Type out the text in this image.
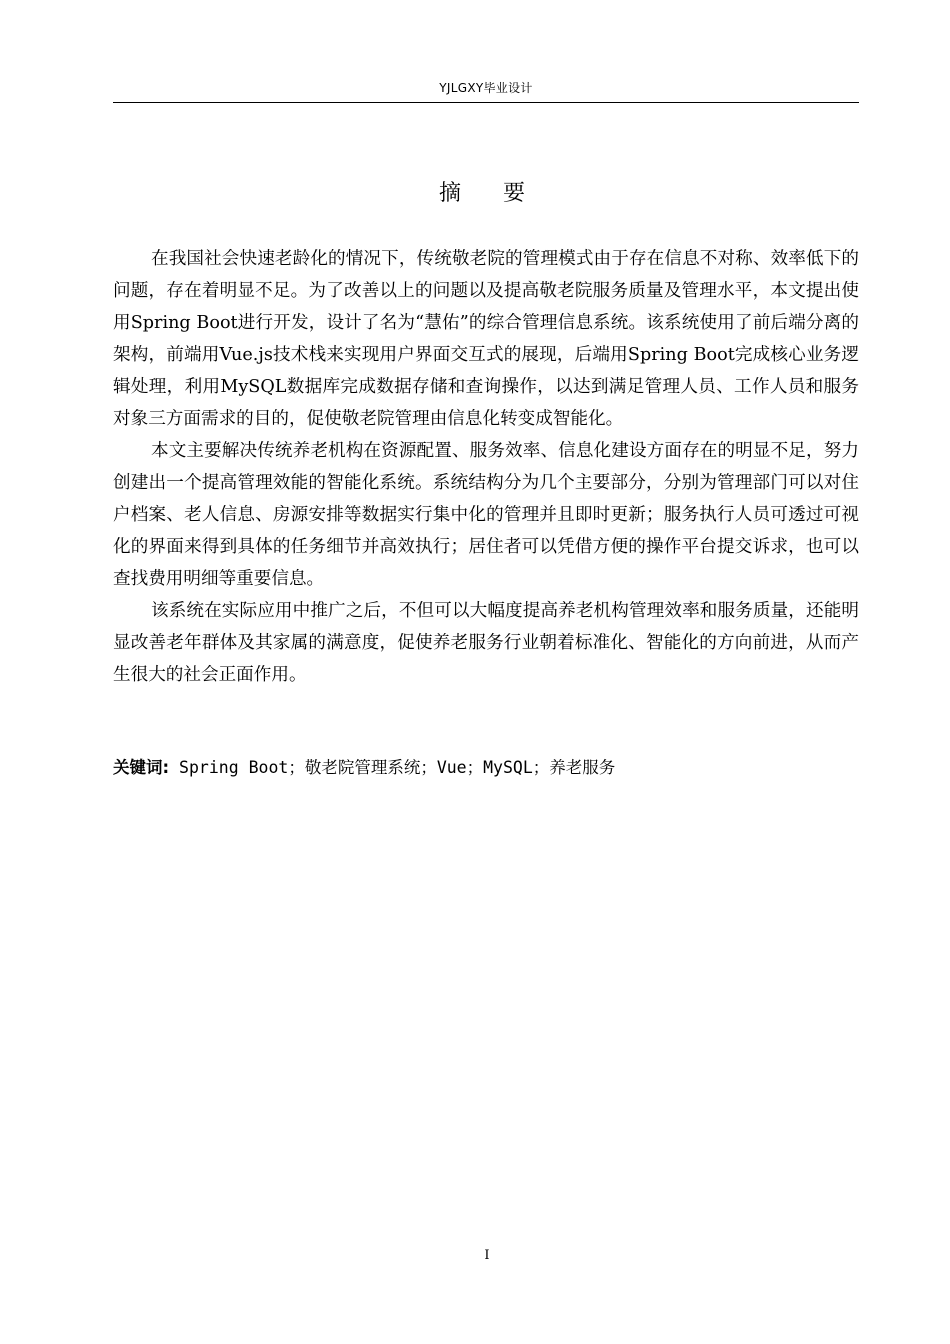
YJLGXY毕业设计
摘 要

在我国社会快速老龄化的情况下，传统敬老院的管理模式由于存在信息不对称、效率低下的问题，存在着明显不足。为了改善以上的问题以及提高敬老院服务质量及管理水平，本文提出使用Spring Boot进行开发，设计了名为“慧佑”的综合管理信息系统。该系统使用了前后端分离的架构，前端用Vue.js技术栈来实现用户界面交互式的展现，后端用Spring Boot完成核心业务逻辑处理，利用MySQL数据库完成数据存储和查询操作，以达到满足管理人员、工作人员和服务对象三方面需求的目的，促使敬老院管理由信息化转变成智能化。

本文主要解决传统养老机构在资源配置、服务效率、信息化建设方面存在的明显不足，努力创建出一个提高管理效能的智能化系统。系统结构分为几个主要部分，分别为管理部门可以对住户档案、老人信息、房源安排等数据实行集中化的管理并且即时更新；服务执行人员可透过可视化的界面来得到具体的任务细节并高效执行；居住者可以凭借方便的操作平台提交诉求，也可以查找费用明细等重要信息。

该系统在实际应用中推广之后，不但可以大幅度提高养老机构管理效率和服务质量，还能明显改善老年群体及其家属的满意度，促使养老服务行业朝着标准化、智能化的方向前进，从而产生很大的社会正面作用。

关键词: Spring Boot；敬老院管理系统；Vue；MySQL；养老服务
I
